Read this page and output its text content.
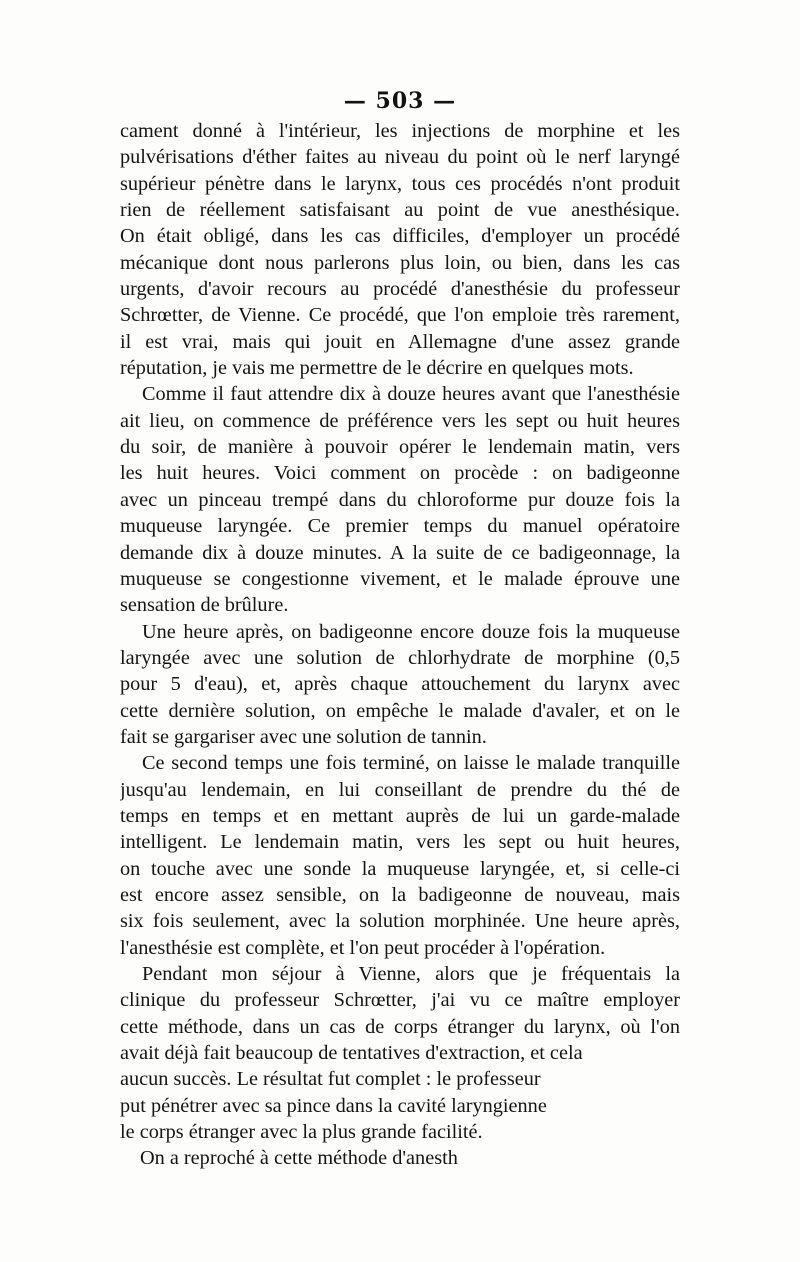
— 503 —
cament donné à l'intérieur, les injections de morphine et les
pulvérisations d'éther faites au niveau du point où le nerf laryngé
supérieur pénètre dans le larynx, tous ces procédés n'ont produit
rien de réellement satisfaisant au point de vue anesthésique.
On était obligé, dans les cas difficiles, d'employer un procédé
mécanique dont nous parlerons plus loin, ou bien, dans les cas
urgents, d'avoir recours au procédé d'anesthésie du professeur
Schrœtter, de Vienne. Ce procédé, que l'on emploie très rarement,
il est vrai, mais qui jouit en Allemagne d'une assez grande
réputation, je vais me permettre de le décrire en quelques mots.
Comme il faut attendre dix à douze heures avant que l'anesthésie
ait lieu, on commence de préférence vers les sept ou huit heures
du soir, de manière à pouvoir opérer le lendemain matin, vers
les huit heures. Voici comment on procède : on badigeonne
avec un pinceau trempé dans du chloroforme pur douze fois la
muqueuse laryngée. Ce premier temps du manuel opératoire
demande dix à douze minutes. A la suite de ce badigeonnage, la
muqueuse se congestionne vivement, et le malade éprouve une
sensation de brûlure.
Une heure après, on badigeonne encore douze fois la muqueuse
laryngée avec une solution de chlorhydrate de morphine (0,5
pour 5 d'eau), et, après chaque attouchement du larynx avec
cette dernière solution, on empêche le malade d'avaler, et on le
fait se gargariser avec une solution de tannin.
Ce second temps une fois terminé, on laisse le malade tranquille
jusqu'au lendemain, en lui conseillant de prendre du thé de
temps en temps et en mettant auprès de lui un garde-malade
intelligent. Le lendemain matin, vers les sept ou huit heures,
on touche avec une sonde la muqueuse laryngée, et, si celle-ci
est encore assez sensible, on la badigeonne de nouveau, mais
six fois seulement, avec la solution morphinée. Une heure après,
l'anesthésie est complète, et l'on peut procéder à l'opération.
Pendant mon séjour à Vienne, alors que je fréquentais la
clinique du professeur Schrœtter, j'ai vu ce maître employer
cette méthode, dans un cas de corps étranger du larynx, où l'on
avait déjà fait beaucoup de tentatives d'extraction, et cela
aucun succès. Le résultat fut complet : le professeur
put pénétrer avec sa pince dans la cavité laryngienne
le corps étranger avec la plus grande facilité.
On a reproché à cette méthode d'anesth
